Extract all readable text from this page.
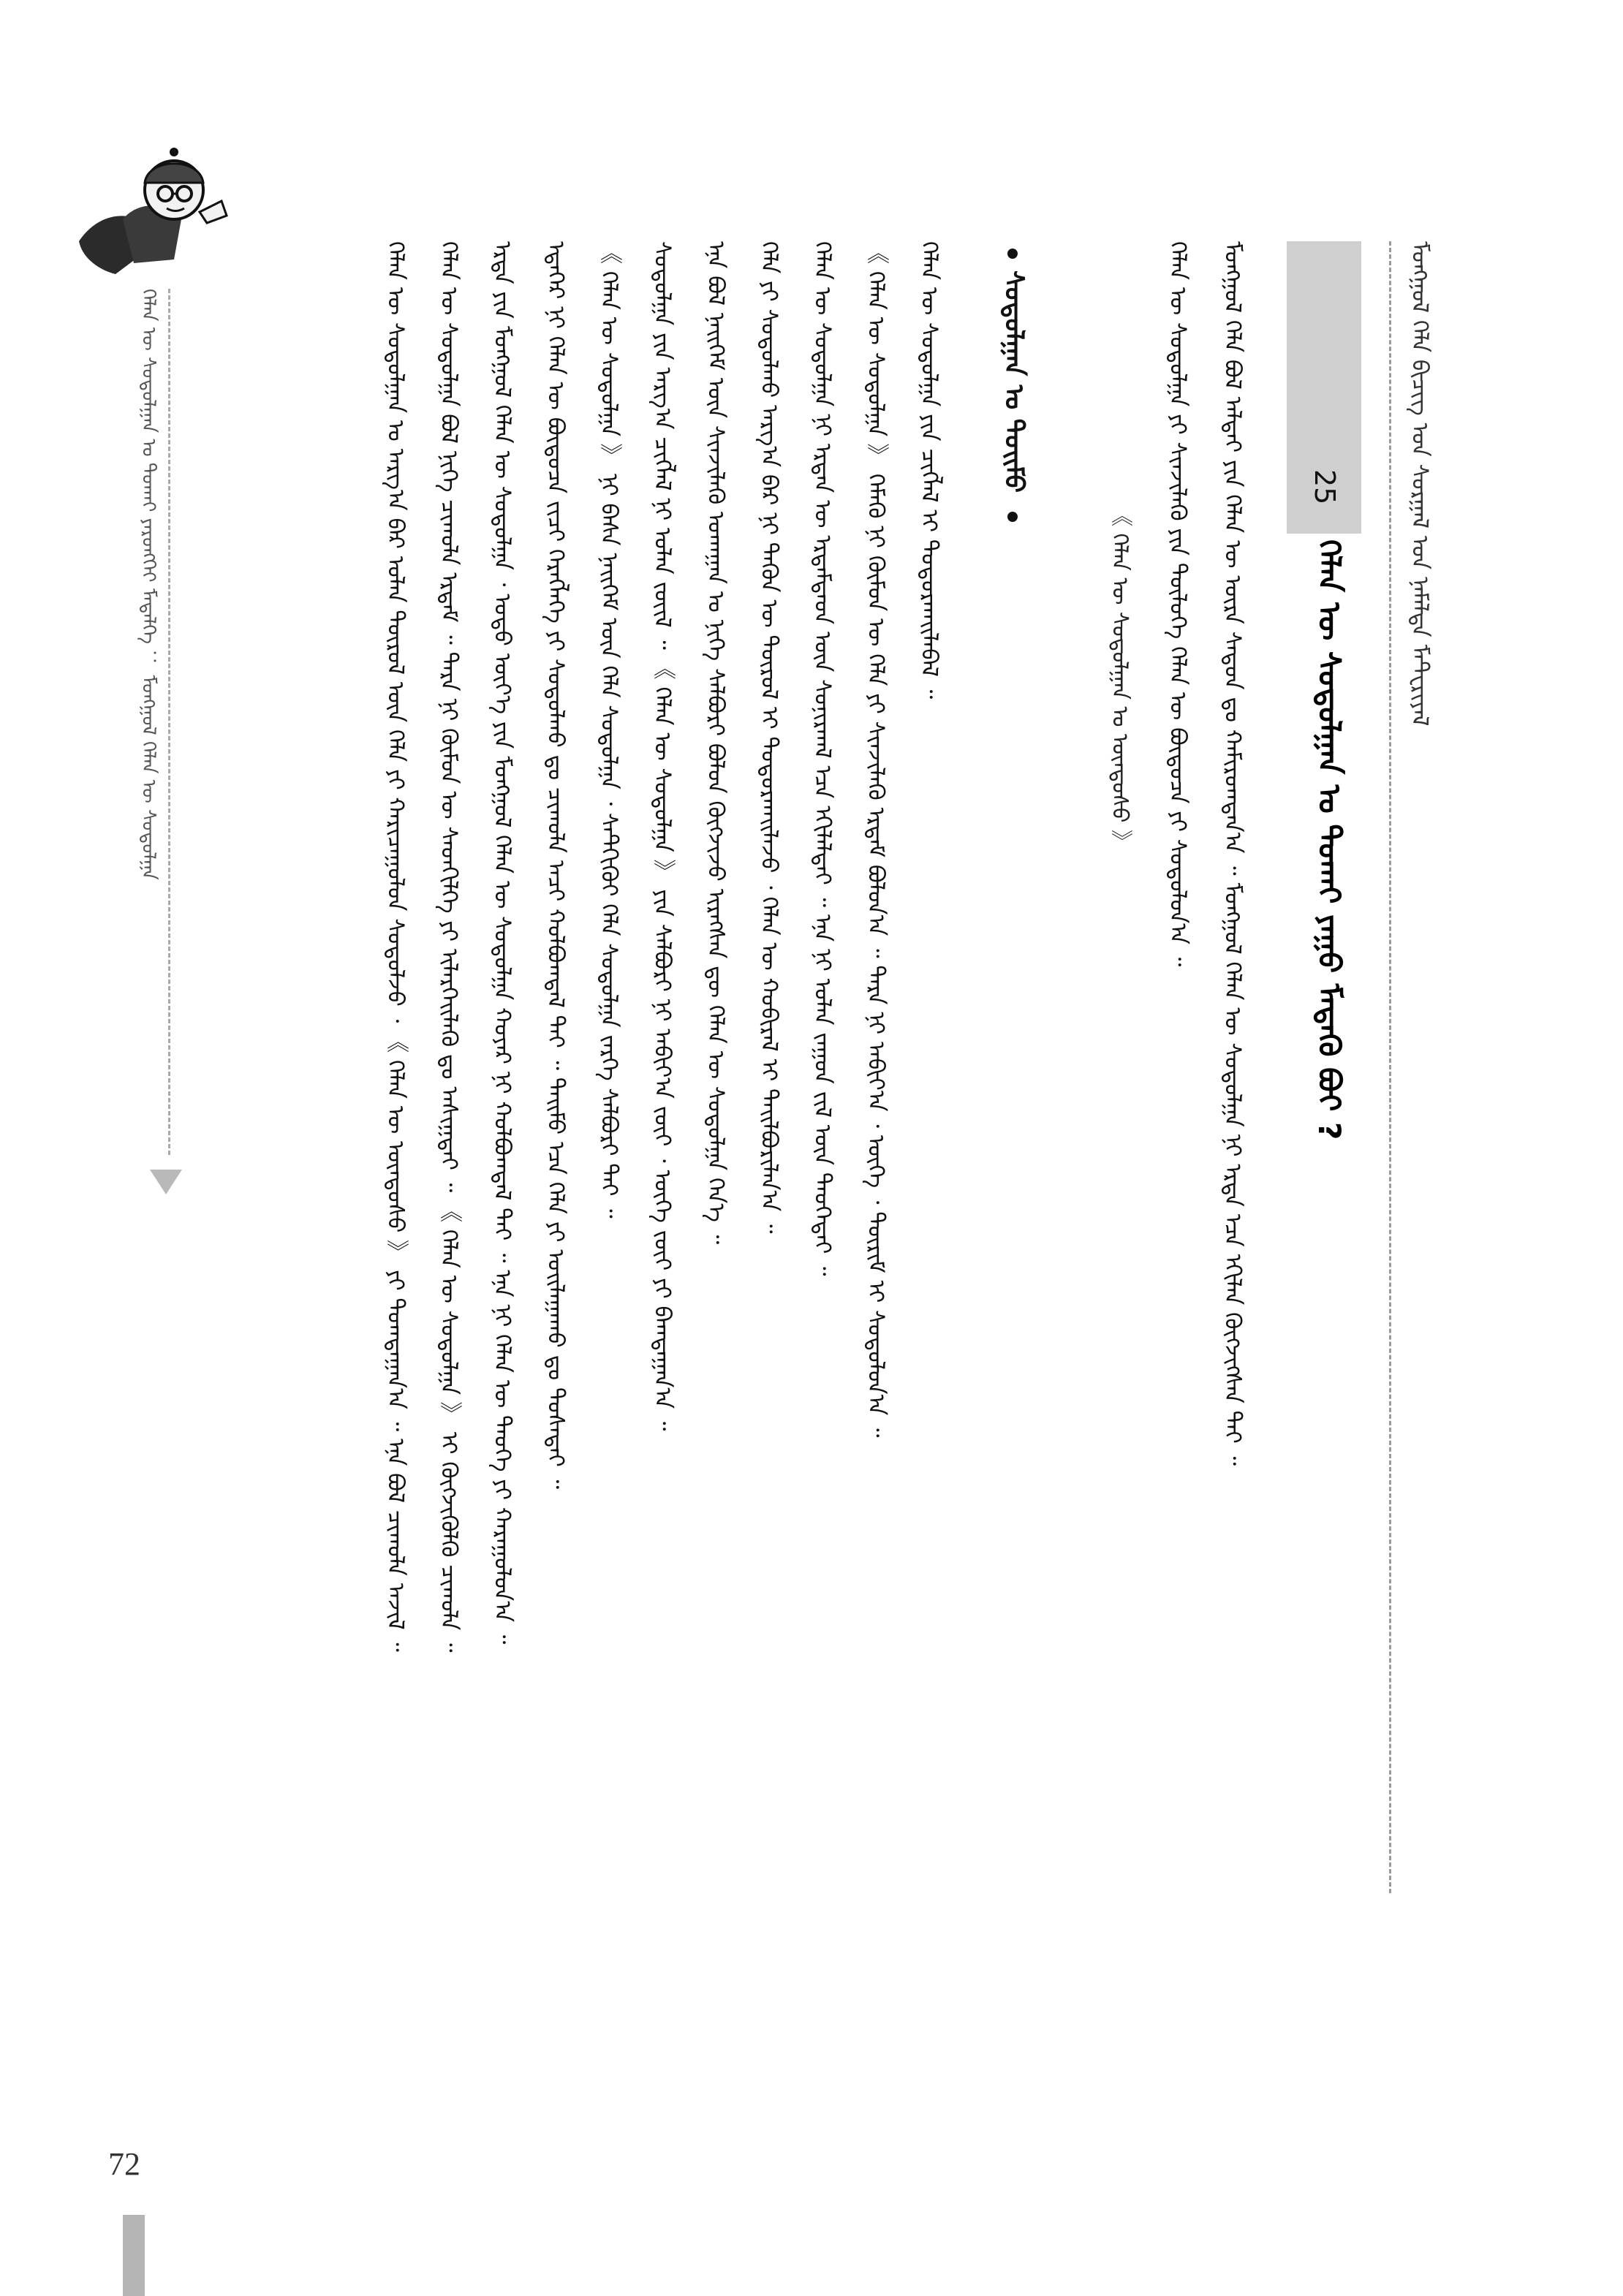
ᠮᠣᠩᠭᠣᠯ ᠬᠡᠯᠡ ᠪᠢᠴᠢᠭ᠌ ᠤᠨ ᠰᠤᠷᠭᠠᠯ ᠤᠨ ᠨᠡᠮᠡᠯᠲᠡ ᠮᠠᠲᠧᠷᠢᠶᠠᠯ
25
ᠬᠡᠯᠡᠨ ᠦ ᠰᠤᠳᠤᠯᠭᠠᠨ ᠤ ᠲᠤᠬᠠᠢ ᠶᠠᠭᠤ ᠮᠡᠳᠡᠬᠦ ᠪᠤᠢ ?
ᠮᠣᠩᠭᠣᠯ ᠬᠡᠯᠡ ᠪᠣᠯ ᠠᠯᠲᠠᠢ ᠶᠢᠨ ᠬᠡᠯᠡᠨ ᠦ ᠦᠷᠡ ᠰᠠᠳᠤᠨ ᠳᠤ ᠬᠠᠮᠢᠷᠤᠭᠳᠠᠨ᠎ᠠ ᠃ ᠮᠣᠩᠭᠣᠯ ᠬᠡᠯᠡᠨ ᠦ ᠰᠤᠳᠤᠯᠭᠠ ᠨᠢ ᠡᠷᠲᠡ ᠡᠴᠡ ᠡᠬᠢᠯᠡᠨ ᠬᠥᠭᠵᠢᠭᠰᠡᠨ ᠲᠡᠢ ᠃
ᠬᠡᠯᠡᠨ ᠦ ᠰᠤᠳᠤᠯᠭᠠ ᠶᠢ ᠰᠢᠨᠵᠢᠯᠡᠬᠦ ᠶᠢᠨ ᠲᠥᠯᠥᠭᠡ ᠬᠡᠯᠡᠨ ᠦ ᠪᠦᠲᠦᠴᠡ ᠶᠢ ᠰᠤᠳᠤᠯᠤᠨ᠎ᠠ ᠃
《 ᠬᠡᠯᠡᠨ ᠦ ᠰᠤᠳᠤᠯᠭᠠᠨ ᠤ ᠦᠨᠳᠦᠰᠦ 》
ᠰᠤᠳᠤᠯᠭᠠᠨ ᠤ ᠲᠣᠢᠮᠣ
ᠬᠡᠯᠡᠨ ᠦ ᠰᠤᠳᠤᠯᠭᠠ ᠶᠢᠨ ᠴᠢᠭᠯᠡᠯ ᠢ ᠲᠣᠳᠤᠷᠬᠠᠢᠯᠠᠪᠠᠯ ᠃
《 ᠬᠡᠯᠡᠨ ᠦ ᠰᠤᠳᠤᠯᠭᠠ 》 ᠬᠡᠮᠡᠬᠦ ᠨᠢ ᠬᠦᠮᠦᠨ ᠦ ᠬᠡᠯᠡ ᠶᠢ ᠰᠢᠨᠵᠢᠯᠡᠬᠦ ᠡᠷᠳᠡᠮ ᠪᠣᠯᠤᠨ᠎ᠠ ᠃ ᠲᠡᠷᠡ ᠨᠢ ᠠᠪᠢᠶ᠎ᠠ ᠂ ᠦᠭᠡ ᠂ ᠳᠦᠷᠢᠮ ᠢ ᠰᠤᠳᠤᠯᠤᠨ᠎ᠠ ᠃
ᠬᠡᠯᠡᠨ ᠦ ᠰᠤᠳᠤᠯᠭᠠ ᠨᠢ ᠡᠷᠲᠡᠨ ᠦ ᠡᠷᠳᠡᠮᠲᠡᠳ ᠦᠨ ᠰᠣᠨᠢᠷᠬᠠᠯ ᠡᠴᠡ ᠡᠬᠢᠯᠡᠯᠲᠡᠢ ᠃ ᠡᠨᠡ ᠨᠢ ᠣᠯᠠᠨ ᠵᠠᠭᠤᠨ ᠵᠢᠯ ᠦᠨ ᠲᠡᠦᠬᠡᠲᠡᠢ ᠃
ᠬᠡᠯᠡ ᠶᠢ ᠰᠤᠳᠤᠯᠬᠤ ᠠᠷᠭ᠎ᠠ ᠪᠠᠷ ᠨᠢ ᠲᠡᠭᠦᠨ ᠦ ᠲᠥᠷᠥᠯ ᠢ ᠲᠣᠳᠤᠷᠬᠠᠢᠯᠠᠵᠤ ᠂ ᠬᠡᠯᠡᠨ ᠦ ᠬᠤᠪᠢᠷᠠᠯ ᠢ ᠲᠠᠢᠯᠪᠤᠷᠢᠯᠠᠨ᠎ᠠ ᠃
ᠡᠨᠡ ᠪᠣᠯ ᠨᠡᠢᠭᠡᠮ ᠦᠨ ᠰᠢᠨᠵᠢᠯᠡᠬᠦ ᠤᠬᠠᠭᠠᠨ ᠤ ᠨᠢᠭᠡ ᠰᠠᠯᠪᠤᠷᠢ ᠪᠣᠯᠤᠨ ᠬᠥᠭᠵᠢᠵᠦ ᠢᠷᠡᠭᠰᠡᠨ ᠳᠦ ᠬᠡᠯᠡᠨ ᠦ ᠰᠤᠳᠤᠯᠭᠠ ᠭᠡᠨ᠎ᠡ ᠃
ᠰᠤᠳᠤᠯᠭᠠ ᠶᠢᠨ ᠠᠷᠭ᠎ᠠ ᠴᠢᠭᠯᠡᠯ ᠨᠢ ᠣᠯᠠᠨ ᠵᠦᠢᠯ ᠃ 《 ᠬᠡᠯᠡᠨ ᠦ ᠰᠤᠳᠤᠯᠭᠠ 》 ᠶᠢᠨ ᠰᠠᠯᠪᠤᠷᠢ ᠨᠢ ᠠᠪᠢᠶ᠎ᠠ ᠵᠦᠢ ᠂ ᠦᠭᠡ ᠵᠦᠢ ᠶᠢ ᠪᠠᠭᠲᠠᠭᠠᠨ᠎ᠠ ᠃
《 ᠬᠡᠯᠡᠨ ᠦ ᠰᠤᠳᠤᠯᠭᠠ 》 ᠨᠢ ᠪᠠᠰᠠ ᠨᠡᠢᠭᠡᠮ ᠦᠨ ᠬᠡᠯᠡ ᠰᠤᠳᠤᠯᠭᠠ ᠂ ᠰᠡᠲᠭᠢᠬᠦᠢ ᠬᠡᠯᠡ ᠰᠤᠳᠤᠯᠭᠠ ᠵᠡᠷᠭᠡ ᠰᠠᠯᠪᠤᠷᠢ ᠲᠠᠢ ᠃
ᠡᠳᠡᠭᠡᠷ ᠨᠢ ᠬᠡᠯᠡᠨ ᠦ ᠪᠦᠲᠦᠴᠡ ᠵᠢᠴᠢ ᠬᠡᠷᠡᠭᠯᠡᠭᠡ ᠶᠢ ᠰᠤᠳᠤᠯᠬᠤ ᠳᠤ ᠴᠢᠬᠤᠯᠠ ᠠᠴᠢ ᠬᠣᠯᠪᠣᠭᠳᠠᠯ ᠲᠠᠢ ᠃ ᠲᠡᠢᠮᠦ ᠡᠴᠡ ᠬᠡᠯᠡ ᠶᠢ ᠣᠢᠯᠠᠭᠠᠬᠤ ᠳᠤ ᠲᠤᠰᠠᠲᠠᠢ ᠃
ᠡᠷᠲᠡ ᠶᠢᠨ ᠮᠣᠩᠭᠣᠯ ᠬᠡᠯᠡᠨ ᠦ ᠰᠤᠳᠤᠯᠭᠠ ᠂ ᠣᠳᠣ ᠦᠶ᠎ᠡ ᠶᠢᠨ ᠮᠣᠩᠭᠣᠯ ᠬᠡᠯᠡᠨ ᠦ ᠰᠤᠳᠤᠯᠭᠠ ᠬᠣᠶᠠᠷ ᠨᠢ ᠬᠣᠯᠪᠣᠭᠳᠠᠯ ᠲᠠᠢ ᠃ ᠡᠨᠡ ᠨᠢ ᠬᠡᠯᠡᠨ ᠦ ᠲᠡᠦᠬᠡ ᠶᠢ ᠬᠠᠷᠠᠭᠤᠯᠤᠨ᠎ᠠ ᠃
ᠬᠡᠯᠡᠨ ᠦ ᠰᠤᠳᠤᠯᠭᠠ ᠪᠣᠯ ᠨᠢᠭᠡ ᠴᠢᠬᠤᠯᠠ ᠡᠷᠳᠡᠮ ᠃ ᠲᠡᠷᠡ ᠨᠢ ᠬᠦᠮᠦᠨ ᠦ ᠰᠡᠳᠬᠢᠯᠭᠡ ᠶᠢ ᠢᠯᠡᠷᠬᠡᠢᠯᠡᠬᠦ ᠳᠤ ᠠᠰᠢᠭ᠋ᠲᠠᠢ ᠃ 《 ᠬᠡᠯᠡᠨ ᠦ ᠰᠤᠳᠤᠯᠭᠠ 》 ᠢ ᠬᠥᠭᠵᠢᠭᠦᠯᠬᠦ ᠴᠢᠬᠤᠯᠠ ᠃
ᠬᠡᠯᠡᠨ ᠦ ᠰᠤᠳᠤᠯᠭᠠᠨ ᠤ ᠠᠷᠭ᠎ᠠ ᠪᠠᠷ ᠣᠯᠠᠨ ᠲᠥᠷᠥᠯ ᠦᠨ ᠬᠡᠯᠡ ᠶᠢ ᠬᠠᠷᠢᠴᠠᠭᠤᠯᠤᠨ ᠰᠤᠳᠤᠯᠵᠤ ᠂ 《 ᠬᠡᠯᠡᠨ ᠦ ᠦᠨᠳᠦᠰᠦ 》 ᠶᠢ ᠲᠣᠭᠲᠠᠭᠠᠨ᠎ᠠ ᠃ ᠡᠨᠡ ᠪᠣᠯ ᠴᠢᠬᠤᠯᠠ ᠠᠵᠢᠯ ᠃
ᠬᠡᠯᠡᠨ ᠦ ᠰᠤᠳᠤᠯᠭᠠᠨ ᠤ ᠲᠤᠬᠠᠢ ᠶᠡᠷᠦᠩᠬᠡᠢ ᠮᠡᠳᠡᠯᠭᠡ ： ᠮᠣᠩᠭᠣᠯ ᠬᠡᠯᠡᠨ ᠦ ᠰᠤᠳᠤᠯᠭᠠ
72
